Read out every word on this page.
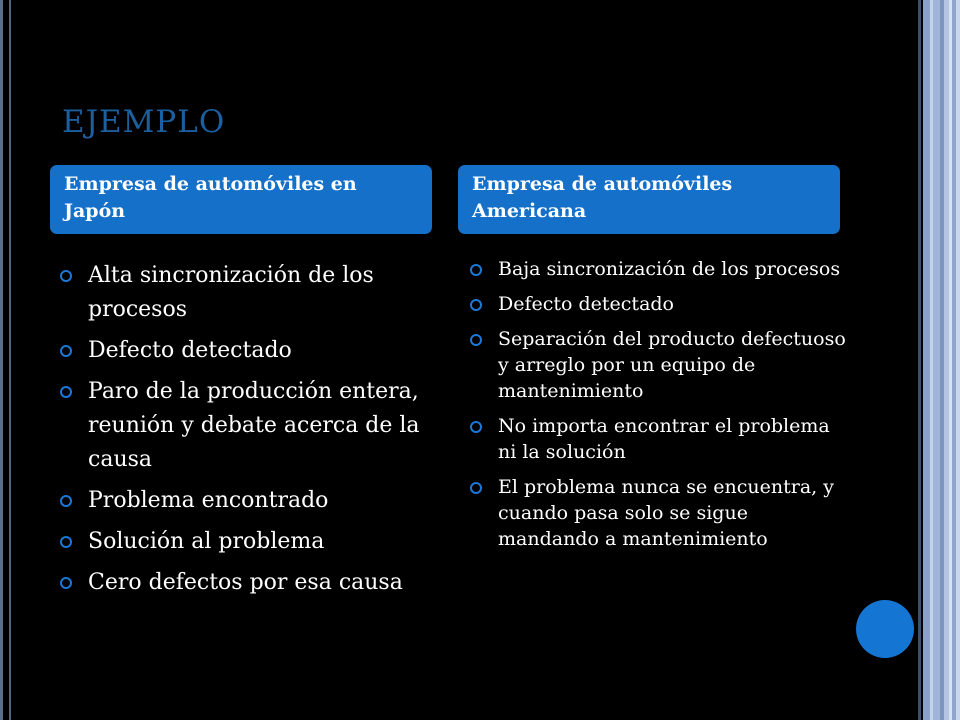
EJEMPLO
Empresa de automóviles en Japón
Empresa de automóviles Americana
Alta sincronización de los procesos
Defecto detectado
Paro de la producción entera, reunión y debate acerca de la causa
Problema encontrado
Solución al problema
Cero defectos por esa causa
Baja sincronización de los procesos
Defecto detectado
Separación del producto defectuoso y arreglo por un equipo de mantenimiento
No importa encontrar el problema ni la solución
El problema nunca se encuentra, y cuando pasa solo se sigue mandando a mantenimiento
